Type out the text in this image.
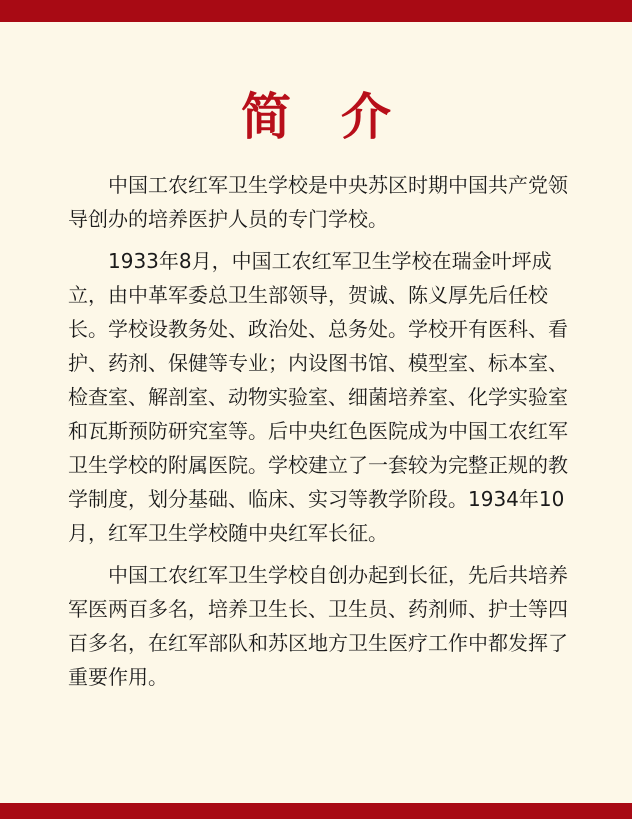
简介

中国工农红军卫生学校是中央苏区时期中国共产党领导创办的培养医护人员的专门学校。

1933年8月，中国工农红军卫生学校在瑞金叶坪成立，由中革军委总卫生部领导，贺诚、陈义厚先后任校长。学校设教务处、政治处、总务处。学校开有医科、看护、药剂、保健等专业；内设图书馆、模型室、标本室、检查室、解剖室、动物实验室、细菌培养室、化学实验室和瓦斯预防研究室等。后中央红色医院成为中国工农红军卫生学校的附属医院。学校建立了一套较为完整正规的教学制度，划分基础、临床、实习等教学阶段。1934年10月，红军卫生学校随中央红军长征。

中国工农红军卫生学校自创办起到长征，先后共培养军医两百多名，培养卫生长、卫生员、药剂师、护士等四百多名，在红军部队和苏区地方卫生医疗工作中都发挥了重要作用。
